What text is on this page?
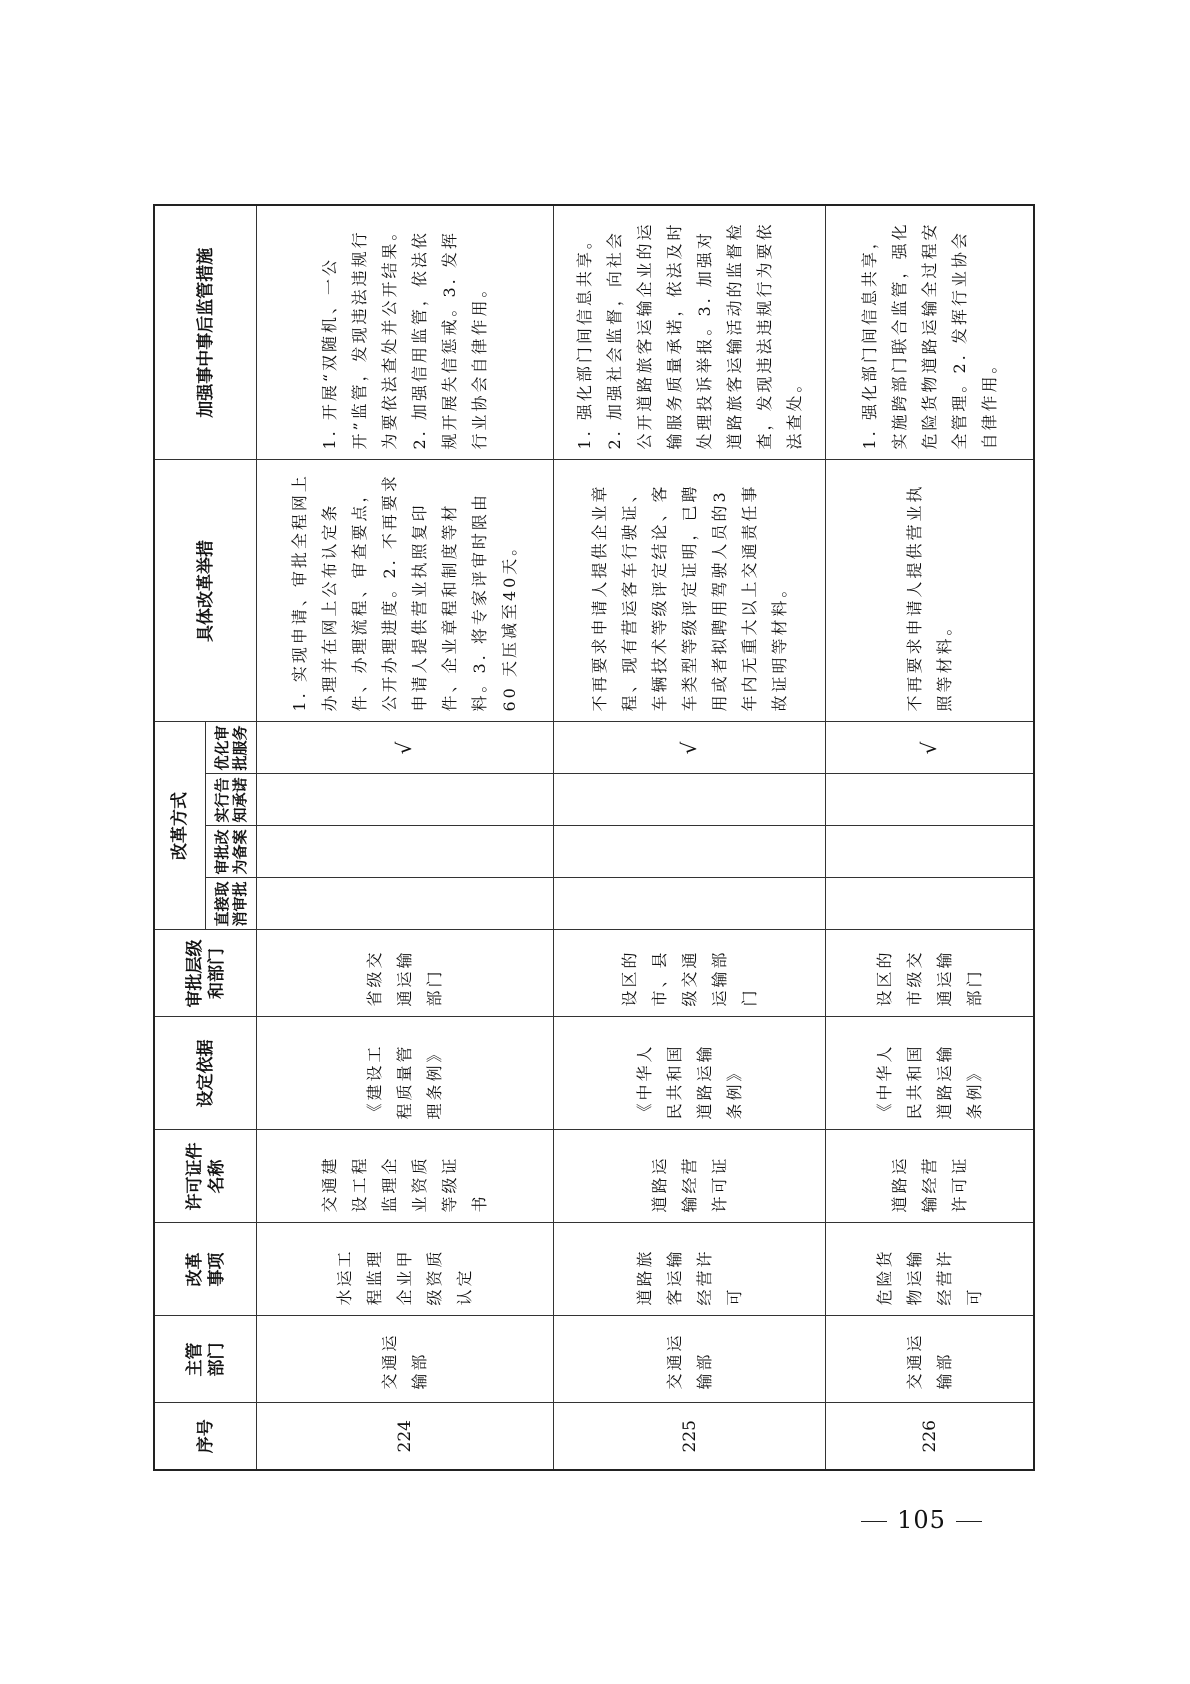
序号	主管部门	改革事项	许可证件名称	设定依据	审批层级和部门	改革方式				具体改革举措	加强事中事后监管措施
						直接取消审批	审批改为备案	实行告知承诺	优化审批服务		
224	交通运输部	水运工程监理企业甲级资质认定	交通建设工程监理企业资质等级证书	《建设工程质量管理条例》	省级交通运输部门				√	1. 实现申请、审批全程网上办理并在网上公布认定条件、办理流程、审查要点，公开办理进度。2. 不再要求申请人提供营业执照复印件、企业章程和制度等材料。3. 将专家评审时限由60 天压减至40天。	1. 开展“双随机、一公开”监管，发现违法违规行为要依法查处并公开结果。2. 加强信用监管，依法依规开展失信惩戒。3. 发挥行业协会自律作用。

225	交通运输部	道路旅客运输经营许可	道路运输经营许可证	《中华人民共和国道路运输条例》	设区的市、县级交通运输部门				√	不再要求申请人提供企业章程、现有营运客车行驶证、车辆技术等级评定结论、客车类型等级评定证明，已聘用或者拟聘用驾驶人员的3 年内无重大以上交通责任事故证明等材料。	1. 强化部门间信息共享。2. 加强社会监督，向社会公开道路旅客运输企业的运输服务质量承诺，依法及时处理投诉举报。3. 加强对道路旅客运输活动的监督检查，发现违法违规行为要依法查处。

226	交通运输部	危险货物运输经营许可	道路运输经营许可证	《中华人民共和国道路运输条例》	设区的市级交通运输部门				√	不再要求申请人提供营业执照等材料。	1. 强化部门间信息共享，实施跨部门联合监管，强化危险货物道路运输全过程安全管理。2. 发挥行业协会自律作用。
105
